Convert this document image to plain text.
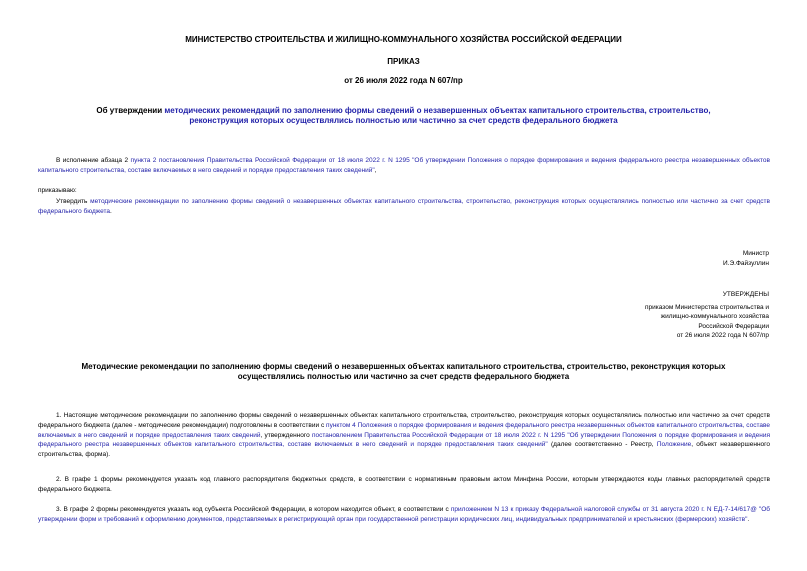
МИНИСТЕРСТВО СТРОИТЕЛЬСТВА И ЖИЛИЩНО-КОММУНАЛЬНОГО ХОЗЯЙСТВА РОССИЙСКОЙ ФЕДЕРАЦИИ
ПРИКАЗ
от 26 июля 2022 года N 607/пр
Об утверждении методических рекомендаций по заполнению формы сведений о незавершенных объектах капитального строительства, строительство,
реконструкция которых осуществлялись полностью или частично за счет средств федерального бюджета
В исполнение абзаца 2 пункта 2 постановления Правительства Российской Федерации от 18 июля 2022 г. N 1295 "Об утверждении Положения о порядке формирования и ведения федерального реестра незавершенных объектов капитального строительства, составе включаемых в него сведений и порядке предоставления таких сведений",
приказываю:
Утвердить методические рекомендации по заполнению формы сведений о незавершенных объектах капитального строительства, строительство, реконструкция которых осуществлялись полностью или частично за счет средств федерального бюджета.
Министр
И.Э.Файзуллин
УТВЕРЖДЕНЫ
приказом Министерства строительства и
жилищно-коммунального хозяйства
Российской Федерации
от 26 июля 2022 года N 607/пр
Методические рекомендации по заполнению формы сведений о незавершенных объектах капитального строительства, строительство, реконструкция которых
осуществлялись полностью или частично за счет средств федерального бюджета
1. Настоящие методические рекомендации по заполнению формы сведений о незавершенных объектах капитального строительства, строительство, реконструкция которых осуществлялись полностью или частично за счет средств федерального бюджета (далее - методические рекомендации) подготовлены в соответствии с пунктом 4 Положения о порядке формирования и ведения федерального реестра незавершенных объектов капитального строительства, составе включаемых в него сведений и порядке предоставления таких сведений, утвержденного постановлением Правительства Российской Федерации от 18 июля 2022 г. N 1295 "Об утверждении Положения о порядке формирования и ведения федерального реестра незавершенных объектов капитального строительства, составе включаемых в него сведений и порядке предоставления таких сведений" (далее соответственно - Реестр, Положение, объект незавершенного строительства, форма).
2. В графе 1 формы рекомендуется указать код главного распорядителя бюджетных средств, в соответствии с нормативным правовым актом Минфина России, которым утверждаются коды главных распорядителей средств федерального бюджета.
3. В графе 2 формы рекомендуется указать код субъекта Российской Федерации, в котором находится объект, в соответствии с приложением N 13 к приказу Федеральной налоговой службы от 31 августа 2020 г. N ЕД-7-14/617@ "Об утверждении форм и требований к оформлению документов, представляемых в регистрирующий орган при государственной регистрации юридических лиц, индивидуальных предпринимателей и крестьянских (фермерских) хозяйств".
